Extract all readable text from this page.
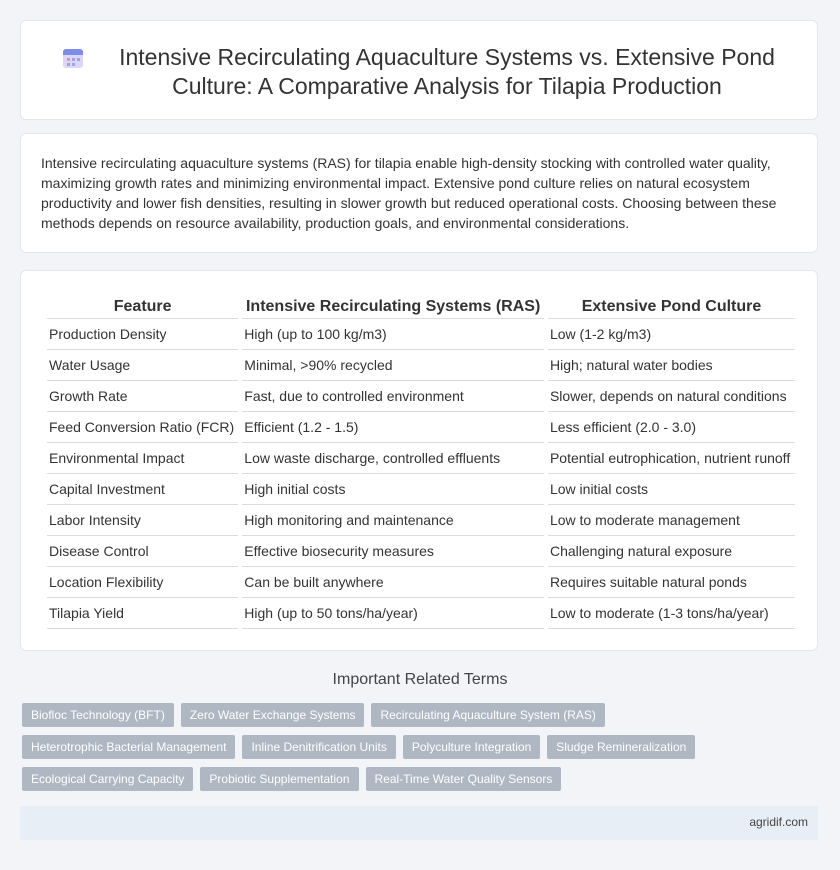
Intensive Recirculating Aquaculture Systems vs. Extensive Pond Culture: A Comparative Analysis for Tilapia Production

Intensive recirculating aquaculture systems (RAS) for tilapia enable high-density stocking with controlled water quality, maximizing growth rates and minimizing environmental impact. Extensive pond culture relies on natural ecosystem productivity and lower fish densities, resulting in slower growth but reduced operational costs. Choosing between these methods depends on resource availability, production goals, and environmental considerations.

Feature	Intensive Recirculating Systems (RAS)	Extensive Pond Culture
Production Density	High (up to 100 kg/m3)	Low (1-2 kg/m3)
Water Usage	Minimal, >90% recycled	High; natural water bodies
Growth Rate	Fast, due to controlled environment	Slower, depends on natural conditions
Feed Conversion Ratio (FCR)	Efficient (1.2 - 1.5)	Less efficient (2.0 - 3.0)
Environmental Impact	Low waste discharge, controlled effluents	Potential eutrophication, nutrient runoff
Capital Investment	High initial costs	Low initial costs
Labor Intensity	High monitoring and maintenance	Low to moderate management
Disease Control	Effective biosecurity measures	Challenging natural exposure
Location Flexibility	Can be built anywhere	Requires suitable natural ponds
Tilapia Yield	High (up to 50 tons/ha/year)	Low to moderate (1-3 tons/ha/year)
Important Related Terms
Biofloc Technology (BFT)	Zero Water Exchange Systems	Recirculating Aquaculture System (RAS)
Heterotrophic Bacterial Management	Inline Denitrification Units	Polyculture Integration	Sludge Remineralization
Ecological Carrying Capacity	Probiotic Supplementation	Real-Time Water Quality Sensors
agridif.com
